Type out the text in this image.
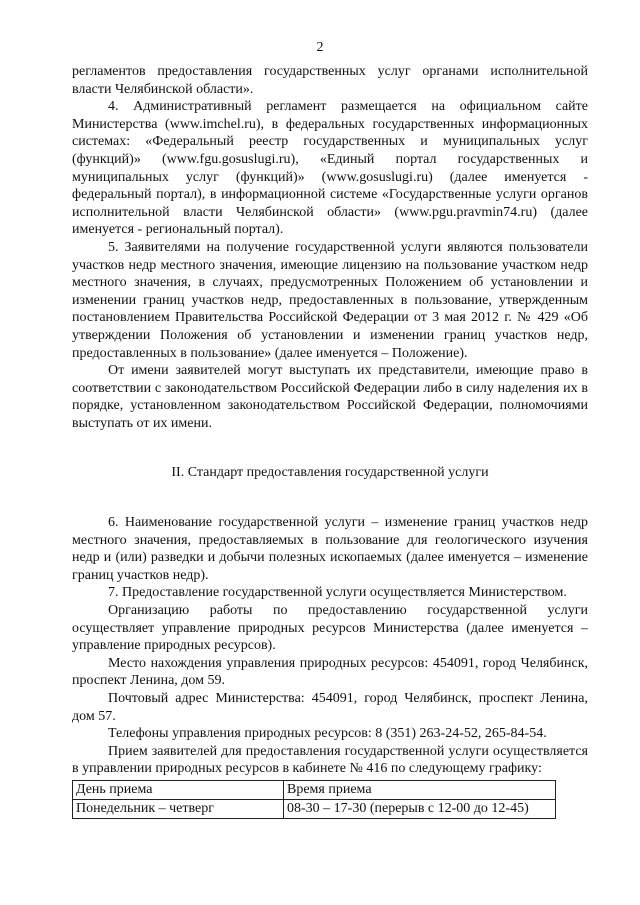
2

регламентов предоставления государственных услуг органами исполнительной власти Челябинской области».

4. Административный регламент размещается на официальном сайте Министерства (www.imchel.ru), в федеральных государственных информационных системах: «Федеральный реестр государственных и муниципальных услуг (функций)» (www.fgu.gosuslugi.ru), «Единый портал государственных и муниципальных услуг (функций)» (www.gosuslugi.ru) (далее именуется - федеральный портал), в информационной системе «Государственные услуги органов исполнительной власти Челябинской области» (www.pgu.pravmin74.ru) (далее именуется - региональный портал).

5. Заявителями на получение государственной услуги являются пользователи участков недр местного значения, имеющие лицензию на пользование участком недр местного значения, в случаях, предусмотренных Положением об установлении и изменении границ участков недр, предоставленных в пользование, утвержденным постановлением Правительства Российской Федерации от 3 мая 2012 г. № 429 «Об утверждении Положения об установлении и изменении границ участков недр, предоставленных в пользование» (далее именуется – Положение).

От имени заявителей могут выступать их представители, имеющие право в соответствии с законодательством Российской Федерации либо в силу наделения их в порядке, установленном законодательством Российской Федерации, полномочиями выступать от их имени.

II. Стандарт предоставления государственной услуги

6. Наименование государственной услуги – изменение границ участков недр местного значения, предоставляемых в пользование для геологического изучения недр и (или) разведки и добычи полезных ископаемых (далее именуется – изменение границ участков недр).

7. Предоставление государственной услуги осуществляется Министерством.

Организацию работы по предоставлению государственной услуги осуществляет управление природных ресурсов Министерства (далее именуется – управление природных ресурсов).

Место нахождения управления природных ресурсов: 454091, город Челябинск, проспект Ленина, дом 59.

Почтовый адрес Министерства: 454091, город Челябинск, проспект Ленина, дом 57.

Телефоны управления природных ресурсов: 8 (351) 263-24-52, 265-84-54.

Прием заявителей для предоставления государственной услуги осуществляется в управлении природных ресурсов в кабинете № 416 по следующему графику:

День приема	Время приема
Понедельник – четверг	08-30 – 17-30 (перерыв с 12-00 до 12-45)
